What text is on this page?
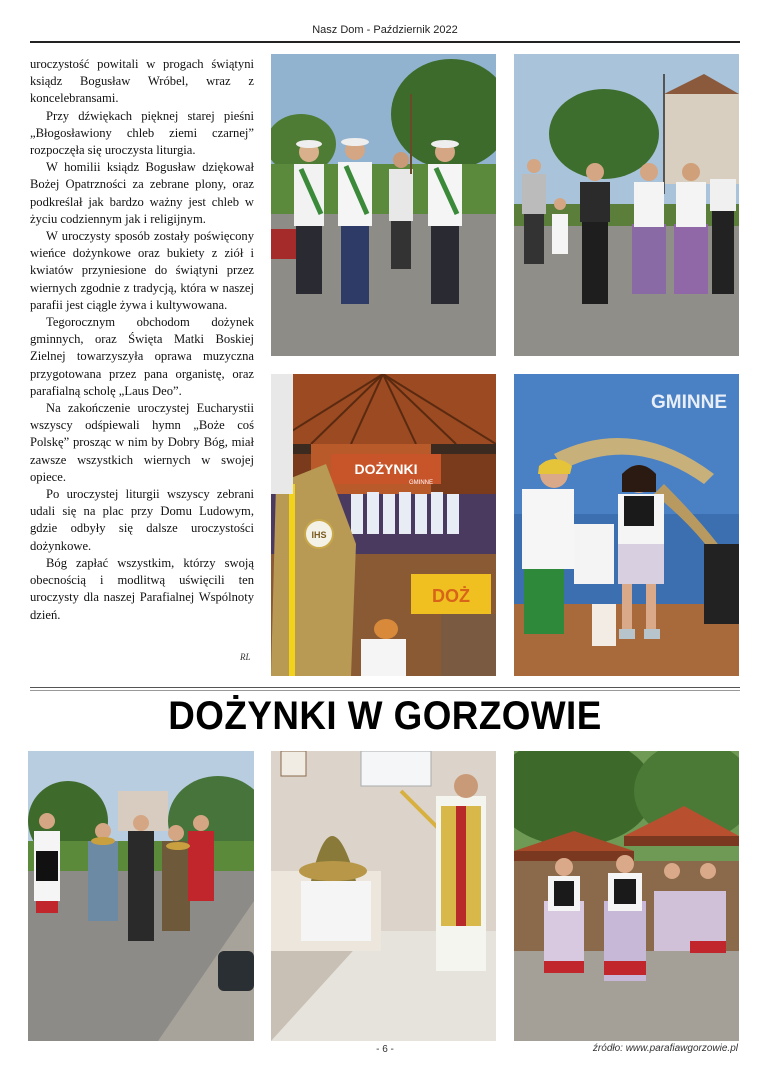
Nasz Dom - Październik 2022

uroczystość powitali w progach świątyni ksiądz Bogusław Wróbel, wraz z koncelebransami.

Przy dźwiękach pięknej starej pieśni „Błogosławiony chleb ziemi czarnej” rozpoczęła się uroczysta liturgia.

W homilii ksiądz Bogusław dziękował Bożej Opatrzności za zebrane plony, oraz podkreślał jak bardzo ważny jest chleb w życiu codziennym jak i religijnym.

W uroczysty sposób zostały poświęcony wieńce dożynkowe oraz bukiety z ziół i kwiatów przyniesione do świątyni przez wiernych zgodnie z tradycją, która w naszej parafii jest ciągle żywa i kultywowana.

Tegorocznym obchodom dożynek gminnych, oraz Święta Matki Boskiej Zielnej towarzyszyła oprawa muzyczna przygotowana przez pana organistę, oraz parafialną scholę „Laus Deo”.

Na zakończenie uroczystej Eucharystii wszyscy odśpiewali hymn „Boże coś Polskę” prosząc w nim by Dobry Bóg, miał zawsze wszystkich wiernych w swojej opiece.

Po uroczystej liturgii wszyscy zebrani udali się na plac przy Domu Ludowym, gdzie odbyły się dalsze uroczystości dożynkowe.

Bóg zapłać wszystkim, którzy swoją obecnością i modlitwą uświęcili ten uroczysty dla naszej Parafialnej Wspólnoty dzień.

RL
DOŻYNKI
GMINNE
IHS
DOŻ
GMINNE
DOŻYNKI W GORZOWIE
- 6 -	źródło: www.parafiawgorzowie.pl
